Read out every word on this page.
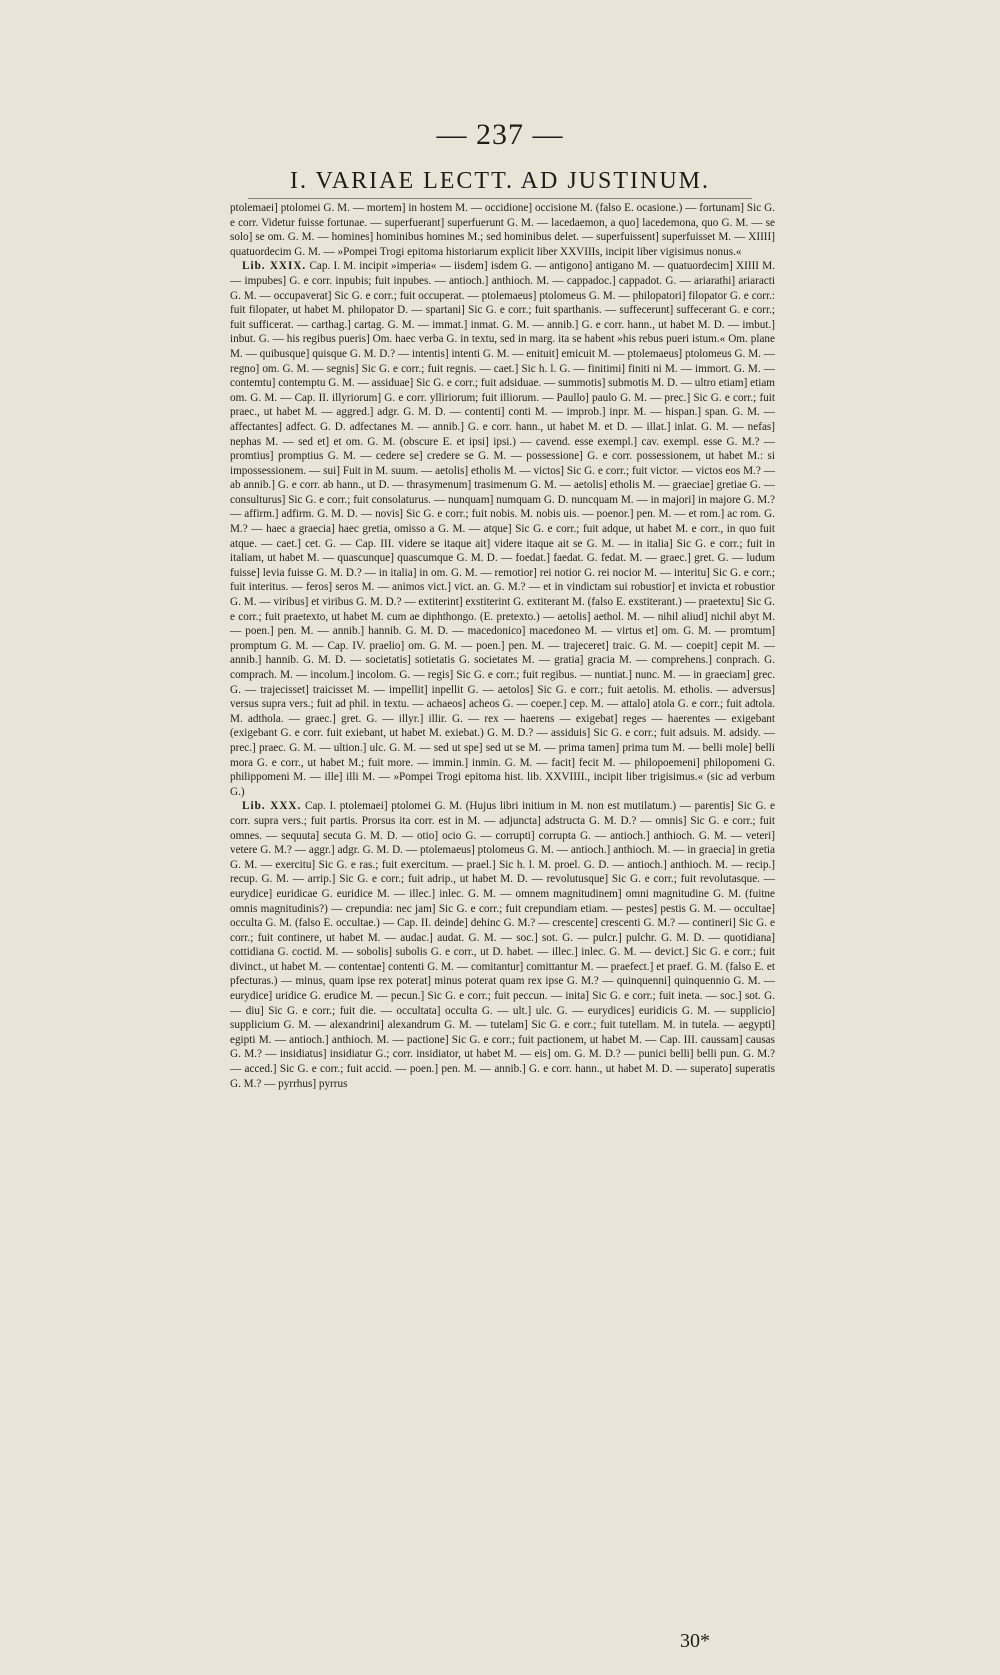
— 237 —
I. VARIAE LECTT. AD JUSTINUM.

ptolemaei] ptolomei G. M. — mortem] in hostem M. — occidione] occisione M. (falso E. ocasione.) — fortunam] Sic G. e corr. Videtur fuisse fortunae. — superfuerant] superfuerunt G. M. — lacedaemon, a quo] lacedemona, quo G. M. — se solo] se om. G. M. — homines] hominibus homines M.; sed hominibus delet. — superfuissent] superfuisset M. — XIIII] quatuordecim G. M. — »Pompei Trogi epitoma historiarum explicit liber XXVIIIs, incipit liber vigisimus nonus.«

Lib. XXIX. Cap. I. M. incipit »imperia« — iisdem] isdem G. — antigono] antigano M. — quatuordecim] XIIII M. — impubes] G. e corr. inpubis; fuit inpubes. — antioch.] anthioch. M. — cappadoc.] cappadot. G. — ariarathi] ariaracti G. M. — occupaverat] Sic G. e corr.; fuit occuperat. — ptolemaeus] ptolomeus G. M. — philopatori] filopator G. e corr.: fuit filopater, ut habet M. philopator D. — spartani] Sic G. e corr.; fuit sparthanis. — suffecerunt] suffecerant G. e corr.; fuit sufficerat. — carthag.] cartag. G. M. — immat.] inmat. G. M. — annib.] G. e corr. hann., ut habet M. D. — imbut.] inbut. G. — his regibus pueris] Om. haec verba G. in textu, sed in marg. ita se habent »his rebus pueri istum.« Om. plane M. — quibusque] quisque G. M. D.? — intentis] intenti G. M. — enituit] emicuit M. — ptolemaeus] ptolomeus G. M. — regno] om. G. M. — segnis] Sic G. e corr.; fuit regnis. — caet.] Sic h. l. G. — finitimi] finiti ni M. — immort. G. M. — contemtu] contemptu G. M. — assiduae] Sic G. e corr.; fuit adsiduae. — summotis] submotis M. D. — ultro etiam] etiam om. G. M. — Cap. II. illyriorum] G. e corr. ylliriorum; fuit illiorum. — Paullo] paulo G. M. — prec.] Sic G. e corr.; fuit praec., ut habet M. — aggred.] adgr. G. M. D. — contenti] conti M. — improb.] inpr. M. — hispan.] span. G. M. — affectantes] adfect. G. D. adfectanes M. — annib.] G. e corr. hann., ut habet M. et D. — illat.] inlat. G. M. — nefas] nephas M. — sed et] et om. G. M. (obscure E. et ipsi] ipsi.) — cavend. esse exempl.] cav. exempl. esse G. M.? — promtius] promptius G. M. — cedere se] credere se G. M. — possessione] G. e corr. possessionem, ut habet M.: si impossessionem. — sui] Fuit in M. suum. — aetolis] etholis M. — victos] Sic G. e corr.; fuit victor. — victos eos M.? — ab annib.] G. e corr. ab hann., ut D. — thrasymenum] trasimenum G. M. — aetolis] etholis M. — graeciae] gretiae G. — consulturus] Sic G. e corr.; fuit consolaturus. — nunquam] numquam G. D. nuncquam M. — in majori] in majore G. M.? — affirm.] adfirm. G. M. D. — novis] Sic G. e corr.; fuit nobis. M. nobis uis. — poenor.] pen. M. — et rom.] ac rom. G. M.? — haec a graecia] haec gretia, omisso a G. M. — atque] Sic G. e corr.; fuit adque, ut habet M. e corr., in quo fuit atque. — caet.] cet. G. — Cap. III. videre se itaque ait] videre itaque ait se G. M. — in italia] Sic G. e corr.; fuit in italiam, ut habet M. — quascunque] quascumque G. M. D. — foedat.] faedat. G. fedat. M. — graec.] gret. G. — ludum fuisse] levia fuisse G. M. D.? — in italia] in om. G. M. — remotior] rei notior G. rei nocior M. — interitu] Sic G. e corr.; fuit interitus. — feros] seros M. — animos vict.] vict. an. G. M.? — et in vindictam sui robustior] et invicta et robustior G. M. — viribus] et viribus G. M. D.? — extiterint] exstiterint G. extiterant M. (falso E. exstiterant.) — praetextu] Sic G. e corr.; fuit praetexto, ut habet M. cum ae diphthongo. (E. pretexto.) — aetolis] aethol. M. — nihil aliud] nichil abyt M. — poen.] pen. M. — annib.] hannib. G. M. D. — macedonico] macedoneo M. — virtus et] om. G. M. — promtum] promptum G. M. — Cap. IV. praelio] om. G. M. — poen.] pen. M. — trajeceret] traic. G. M. — coepit] cepit M. — annib.] hannib. G. M. D. — societatis] sotietatis G. societates M. — gratia] gracia M. — comprehens.] conprach. G. comprach. M. — incolum.] incolom. G. — regis] Sic G. e corr.; fuit regibus. — nuntiat.] nunc. M. — in graeciam] grec. G. — trajecisset] traicisset M. — impellit] inpellit G. — aetolos] Sic G. e corr.; fuit aetolis. M. etholis. — adversus] versus supra vers.; fuit ad phil. in textu. — achaeos] acheos G. — coeper.] cep. M. — attalo] atola G. e corr.; fuit adtola. M. adthola. — graec.] gret. G. — illyr.] illir. G. — rex — haerens — exigebat] reges — haerentes — exigebant (exigebant G. e corr. fuit exiebant, ut habet M. exiebat.) G. M. D.? — assiduis] Sic G. e corr.; fuit adsuis. M. adsidy. — prec.] praec. G. M. — ultion.] ulc. G. M. — sed ut spe] sed ut se M. — prima tamen] prima tum M. — belli mole] belli mora G. e corr., ut habet M.; fuit more. — immin.] inmin. G. M. — facit] fecit M. — philopoemeni] philopomeni G. philippomeni M. — ille] illi M. — »Pompei Trogi epitoma hist. lib. XXVIIII., incipit liber trigisimus.« (sic ad verbum G.)

Lib. XXX. Cap. I. ptolemaei] ptolomei G. M. (Hujus libri initium in M. non est mutilatum.) — parentis] Sic G. e corr. supra vers.; fuit partis. Prorsus ita corr. est in M. — adjuncta] adstructa G. M. D.? — omnis] Sic G. e corr.; fuit omnes. — sequuta] secuta G. M. D. — otio] ocio G. — corrupti] corrupta G. — antioch.] anthioch. G. M. — veteri] vetere G. M.? — aggr.] adgr. G. M. D. — ptolemaeus] ptolomeus G. M. — antioch.] anthioch. M. — in graecia] in gretia G. M. — exercitu] Sic G. e ras.; fuit exercitum. — prael.] Sic h. l. M. proel. G. D. — antioch.] anthioch. M. — recip.] recup. G. M. — arrip.] Sic G. e corr.; fuit adrip., ut habet M. D. — revolutusque] Sic G. e corr.; fuit revolutasque. — eurydice] euridicae G. euridice M. — illec.] inlec. G. M. — omnem magnitudinem] omni magnitudine G. M. (fuitne omnis magnitudinis?) — crepundia: nec jam] Sic G. e corr.; fuit crepundiam etiam. — pestes] pestis G. M. — occultae] occulta G. M. (falso E. occultae.) — Cap. II. deinde] dehinc G. M.? — crescente] crescenti G. M.? — contineri] Sic G. e corr.; fuit continere, ut habet M. — audac.] audat. G. M. — soc.] sot. G. — pulcr.] pulchr. G. M. D. — quotidiana] cottidiana G. coctid. M. — sobolis] subolis G. e corr., ut D. habet. — illec.] inlec. G. M. — devict.] Sic G. e corr.; fuit divinct., ut habet M. — contentae] contenti G. M. — comitantur] comittantur M. — praefect.] et praef. G. M. (falso E. et pfecturas.) — minus, quam ipse rex poterat] minus poterat quam rex ipse G. M.? — quinquenni] quinquennio G. M. — eurydice] uridice G. erudice M. — pecun.] Sic G. e corr.; fuit peccun. — inita] Sic G. e corr.; fuit ineta. — soc.] sot. G. — diu] Sic G. e corr.; fuit die. — occultata] occulta G. — ult.] ulc. G. — eurydices] euridicis G. M. — supplicio] supplicium G. M. — alexandrini] alexandrum G. M. — tutelam] Sic G. e corr.; fuit tutellam. M. in tutela. — aegypti] egipti M. — antioch.] anthioch. M. — pactione] Sic G. e corr.; fuit pactionem, ut habet M. — Cap. III. caussam] causas G. M.? — insidiatus] insidiatur G.; corr. insidiator, ut habet M. — eis] om. G. M. D.? — punici belli] belli pun. G. M.? — acced.] Sic G. e corr.; fuit accid. — poen.] pen. M. — annib.] G. e corr. hann., ut habet M. D. — superato] superatis G. M.? — pyrrhus] pyrrus

30*
